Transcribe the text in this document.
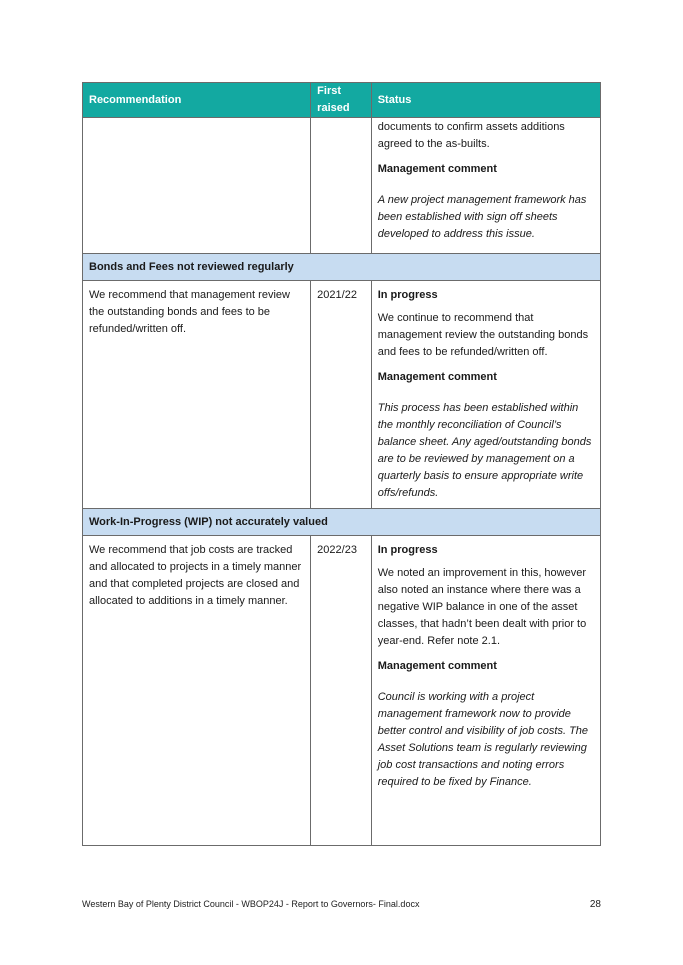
Recommendation	First raised	Status

		documents to confirm assets additions agreed to the as-builts.

Management comment

A new project management framework has been established with sign off sheets developed to address this issue.

Bonds and Fees not reviewed regularly		

We recommend that management review the outstanding bonds and fees to be refunded/written off.	2021/22	In progress

We continue to recommend that management review the outstanding bonds and fees to be refunded/written off.

Management comment

This process has been established within the monthly reconciliation of Council’s balance sheet. Any aged/outstanding bonds are to be reviewed by management on a quarterly basis to ensure appropriate write offs/refunds.

Work-In-Progress (WIP) not accurately valued		

We recommend that job costs are tracked and allocated to projects in a timely manner and that completed projects are closed and allocated to additions in a timely manner.	2022/23	In progress

We noted an improvement in this, however also noted an instance where there was a negative WIP balance in one of the asset classes, that hadn’t been dealt with prior to year-end. Refer note 2.1.

Management comment

Council is working with a project management framework now to provide better control and visibility of job costs. The Asset Solutions team is regularly reviewing job cost transactions and noting errors required to be fixed by Finance.

Western Bay of Plenty District Council - WBOP24J - Report to Governors- Final.docx	28
